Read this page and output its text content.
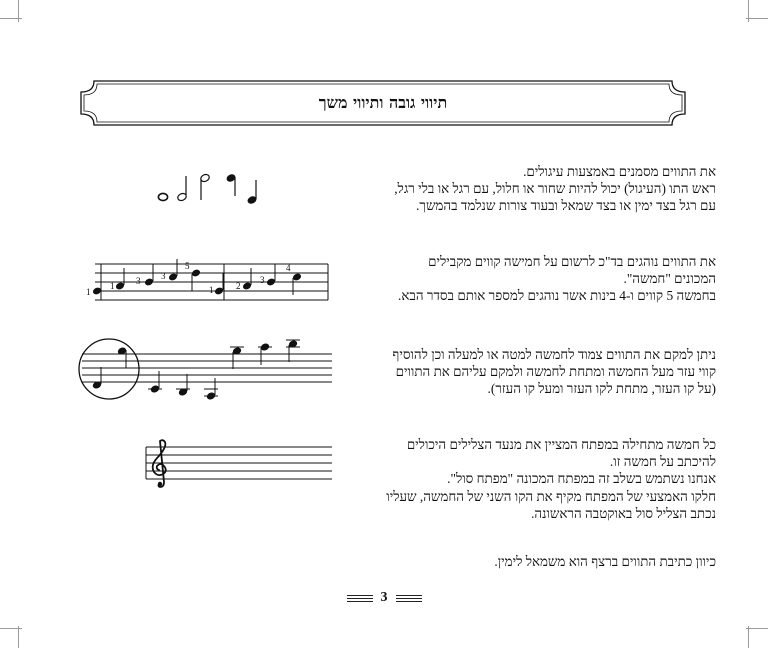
תיווי גובה ותיווי משך
את התווים מסמנים באמצעות עיגולים.
ראש התו (העיגול) יכול להיות שחור או חלול, עם רגל או בלי רגל,
עם רגל בצד ימין או בצד שמאל ובעוד צורות שנלמד בהמשך.
את התווים נוהגים בד"כ לרשום על חמישה קווים מקבילים
המכונים "חמשה".
בחמשה 5 קווים ו-4 בינות אשר נוהגים למספר אותם בסדר הבא.
ניתן למקם את התווים צמוד לחמשה למטה או למעלה וכן להוסיף
קווי עזר מעל החמשה ומתחת לחמשה ולמקם עליהם את התווים
(על קו העזר, מתחת לקו העזר ומעל קו העזר).
כל חמשה מתחילה במפתח המציין את מנעד הצלילים היכולים
להיכתב על חמשה זו.
אנחנו נשתמש בשלב זה במפתח המכונה "מפתח סול".
חלקו האמצעי של המפתח מקיף את הקו השני של החמשה, שעליו
נכתב הצליל סול באוקטבה הראשונה.
כיוון כתיבת התווים ברצף הוא משמאל לימין.
1
1 3 3
5
1	2
3
4
3
